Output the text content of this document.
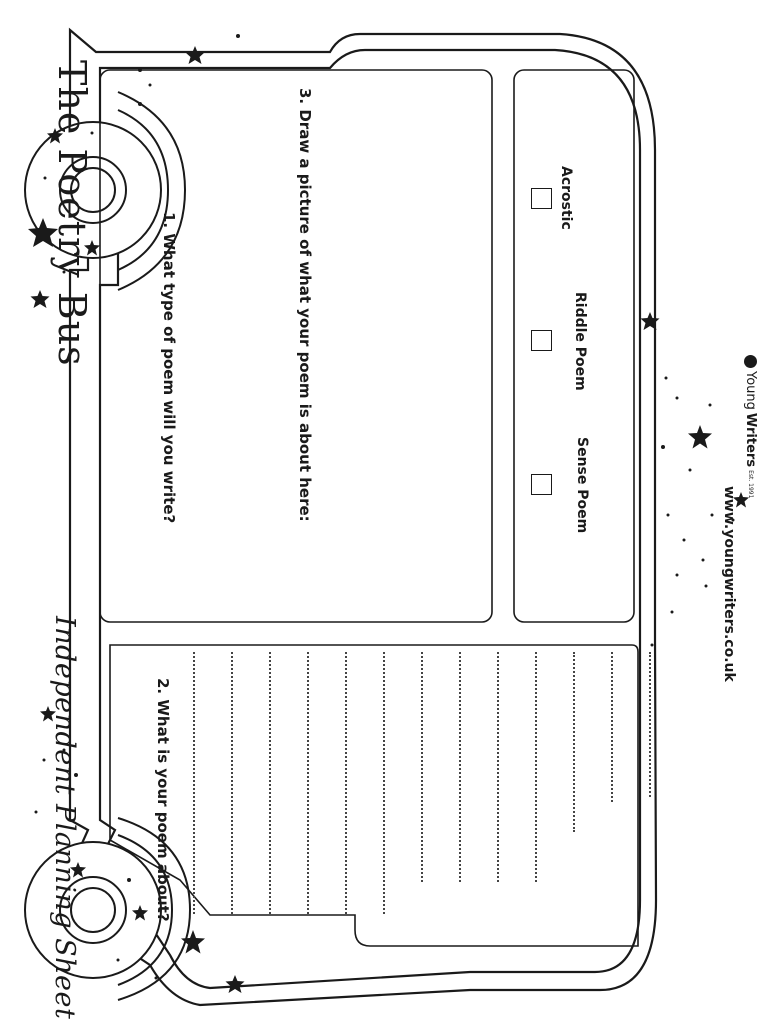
The Poetry Bus
Independent Planning Sheet
1. What type of poem will you write?
Acrostic
Riddle Poem
Sense Poem
3. Draw a picture of what your poem is about here:
2. What is your poem about?
Young
Writers
Est. 1991
www.youngwriters.co.uk
